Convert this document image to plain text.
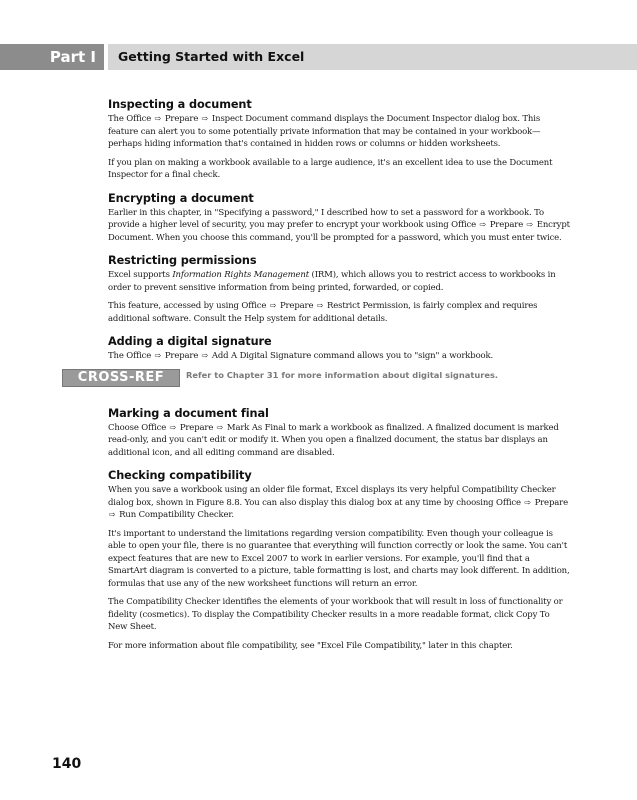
Part I	Getting Started with Excel
Inspecting a document

The Office ⇨ Prepare ⇨ Inspect Document command displays the Document Inspector dialog box. This feature can alert you to some potentially private information that may be contained in your workbook—perhaps hiding information that's contained in hidden rows or columns or hidden worksheets.

If you plan on making a workbook available to a large audience, it's an excellent idea to use the Document Inspector for a final check.

Encrypting a document

Earlier in this chapter, in "Specifying a password," I described how to set a password for a workbook. To provide a higher level of security, you may prefer to encrypt your workbook using Office ⇨ Prepare ⇨ Encrypt Document. When you choose this command, you'll be prompted for a password, which you must enter twice.

Restricting permissions

Excel supports Information Rights Management (IRM), which allows you to restrict access to workbooks in order to prevent sensitive information from being printed, forwarded, or copied.

This feature, accessed by using Office ⇨ Prepare ⇨ Restrict Permission, is fairly complex and requires additional software. Consult the Help system for additional details.

Adding a digital signature

The Office ⇨ Prepare ⇨ Add A Digital Signature command allows you to "sign" a workbook.

CROSS-REF	Refer to Chapter 31 for more information about digital signatures.
Marking a document final

Choose Office ⇨ Prepare ⇨ Mark As Final to mark a workbook as finalized. A finalized document is marked read-only, and you can't edit or modify it. When you open a finalized document, the status bar displays an additional icon, and all editing command are disabled.

Checking compatibility

When you save a workbook using an older file format, Excel displays its very helpful Compatibility Checker dialog box, shown in Figure 8.8. You can also display this dialog box at any time by choosing Office ⇨ Prepare ⇨ Run Compatibility Checker.

It's important to understand the limitations regarding version compatibility. Even though your colleague is able to open your file, there is no guarantee that everything will function correctly or look the same. You can't expect features that are new to Excel 2007 to work in earlier versions. For example, you'll find that a SmartArt diagram is converted to a picture, table formatting is lost, and charts may look different. In addition, formulas that use any of the new worksheet functions will return an error.

The Compatibility Checker identifies the elements of your workbook that will result in loss of functionality or fidelity (cosmetics). To display the Compatibility Checker results in a more readable format, click Copy To New Sheet.

For more information about file compatibility, see "Excel File Compatibility," later in this chapter.

140
